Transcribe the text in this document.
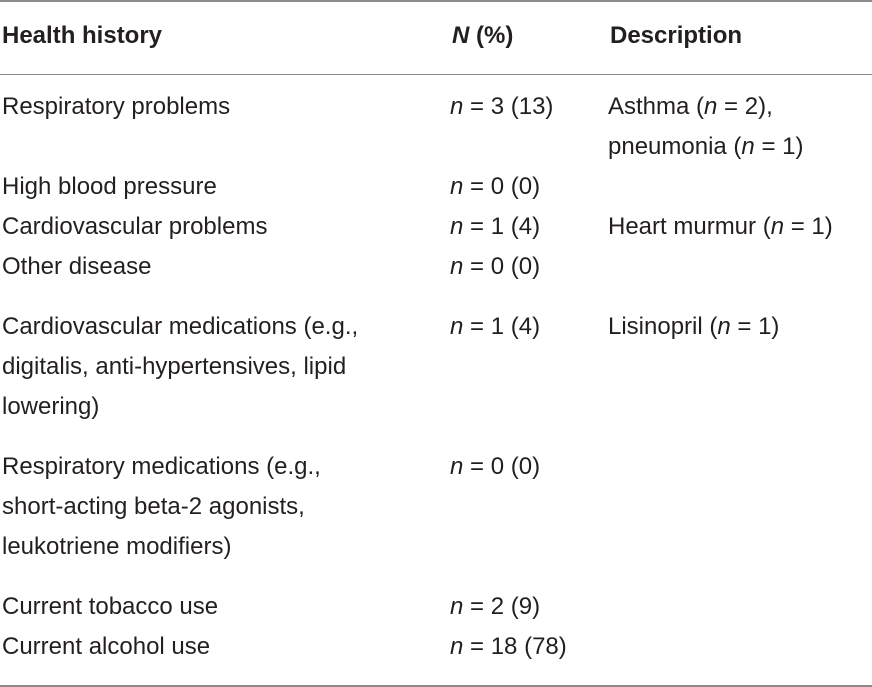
Health history	N (%)	Description
Respiratory problems	n = 3 (13)	Asthma (n = 2),
pneumonia (n = 1)

High blood pressure	n = 0 (0)	
Cardiovascular problems	n = 1 (4)	Heart murmur (n = 1)
Other disease	n = 0 (0)	

Cardiovascular medications (e.g.,
digitalis, anti-hypertensives, lipid
lowering)	n = 1 (4)	Lisinopril (n = 1)

Respiratory medications (e.g.,
short-acting beta-2 agonists,
leukotriene modifiers)	n = 0 (0)	
Current tobacco use	n = 2 (9)	
Current alcohol use	n = 18 (78)	
